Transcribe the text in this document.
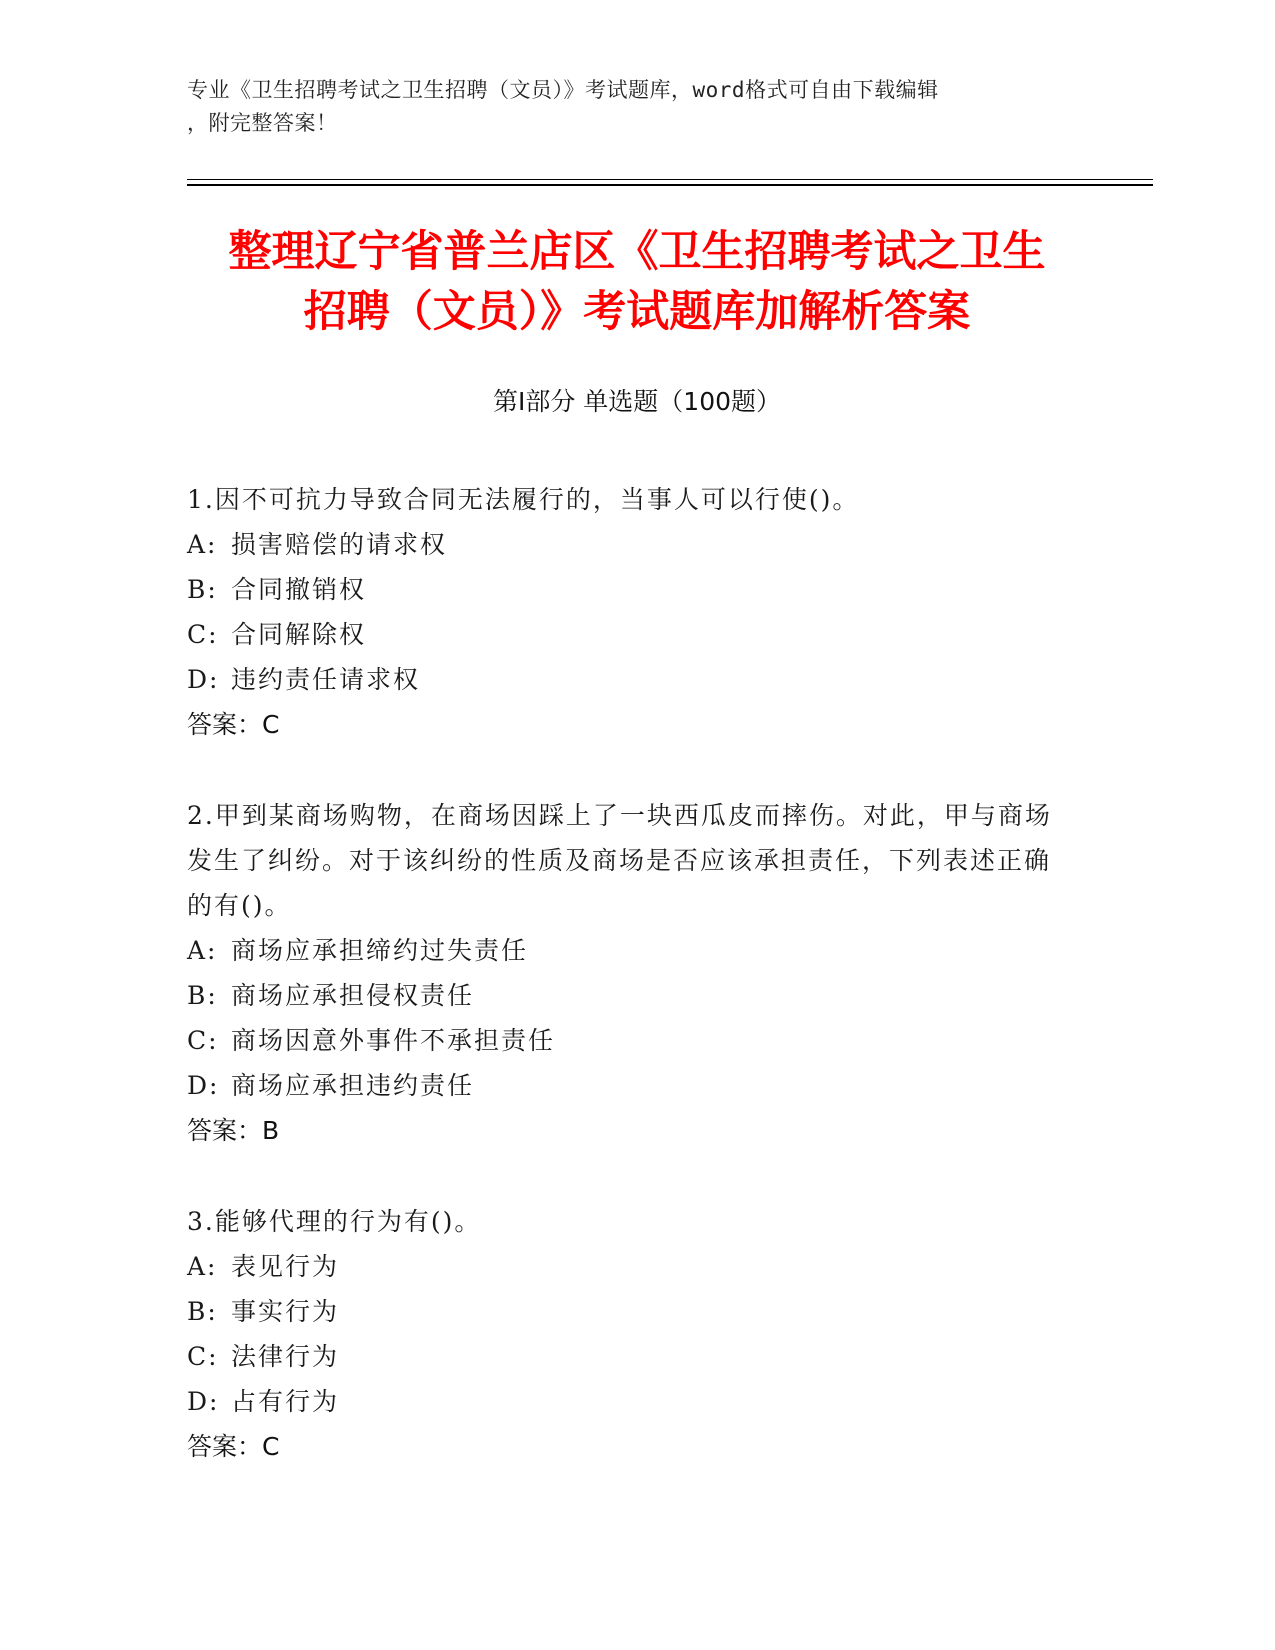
专业《卫生招聘考试之卫生招聘（文员）》考试题库，word格式可自由下载编辑
，附完整答案！
整理辽宁省普兰店区《卫生招聘考试之卫生
招聘（文员）》考试题库加解析答案
第Ⅰ部分 单选题（100题）
1.因不可抗力导致合同无法履行的，当事人可以行使()。
A: 损害赔偿的请求权
B: 合同撤销权
C: 合同解除权
D: 违约责任请求权
答案：C
2.甲到某商场购物，在商场因踩上了一块西瓜皮而摔伤。对此，甲与商场发生了纠纷。对于该纠纷的性质及商场是否应该承担责任，下列表述正确的有()。
A: 商场应承担缔约过失责任
B: 商场应承担侵权责任
C: 商场因意外事件不承担责任
D: 商场应承担违约责任
答案：B
3.能够代理的行为有()。
A: 表见行为
B: 事实行为
C: 法律行为
D: 占有行为
答案：C
